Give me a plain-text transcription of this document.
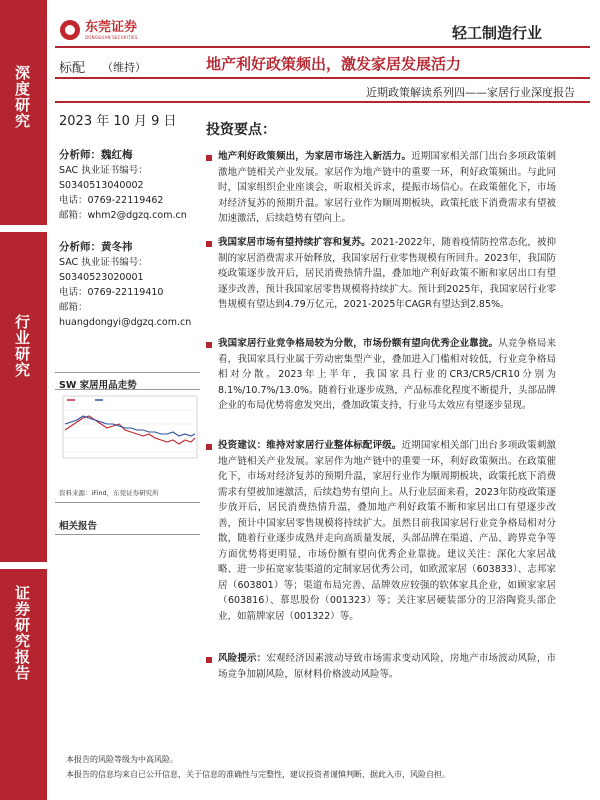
深度研究
行业研究
证券研究报告
东莞证券
DONGGUAN SECURITIES	轻工制造行业
标配 （维持）	地产利好政策频出，激发家居发展活力
近期政策解读系列四——家居行业深度报告
2023 年 10 月 9 日
分析师：魏红梅
SAC 执业证书编号：
S0340513040002
电话：0769-22119462
邮箱：whm2@dgzq.com.cn
分析师：黄冬祎
SAC 执业证书编号：
S0340523020001
电话：0769-22119410
邮箱：
huangdongyi@dgzq.com.cn
SW 家居用品走势
资料来源：iFind，东莞证券研究所
相关报告
投资要点：
地产利好政策频出，为家居市场注入新活力。近期国家相关部门出台多项政策刺激地产链相关产业发展。家居作为地产链中的重要一环，利好政策频出。与此同时，国家组织企业座谈会，听取相关诉求，提振市场信心。在政策催化下，市场对经济复苏的预期升温。家居行业作为顺周期板块，政策托底下消费需求有望被加速激活，后续趋势有望向上。
我国家居市场有望持续扩容和复苏。2021-2022年，随着疫情防控常态化，被抑制的家居消费需求开始释放，我国家居行业零售规模有所回升。2023年，我国防疫政策逐步放开后，居民消费热情升温，叠加地产利好政策不断和家居出口有望逐步改善，预计我国家居零售规模将持续扩大。预计到2025年，我国家居行业零售规模有望达到4.79万亿元，2021-2025年CAGR有望达到2.85%。
我国家居行业竞争格局较为分散，市场份额有望向优秀企业靠拢。从竞争格局来看，我国家具行业属于劳动密集型产业，叠加进入门槛相对较低，行业竞争格局相对分散。2023年上半年，我国家具行业的CR3/CR5/CR10分别为8.1%/10.7%/13.0%。随着行业逐步成熟，产品标准化程度不断提升，头部品牌企业的布局优势将愈发突出，叠加政策支持，行业马太效应有望逐步显现。
投资建议：维持对家居行业整体标配评级。近期国家相关部门出台多项政策刺激地产链相关产业发展。家居作为地产链中的重要一环，利好政策频出。在政策催化下，市场对经济复苏的预期升温，家居行业作为顺周期板块，政策托底下消费需求有望被加速激活，后续趋势有望向上。从行业层面来看，2023年防疫政策逐步放开后，居民消费热情升温，叠加地产利好政策不断和家居出口有望逐步改善，预计中国家居零售规模将持续扩大。虽然目前我国家居行业竞争格局相对分散，随着行业逐步成熟并走向高质量发展，头部品牌在渠道、产品、跨界竞争等方面优势将更明显，市场份额有望向优秀企业靠拢。建议关注：深化大家居战略、进一步拓宽家装渠道的定制家居优秀公司，如欧派家居（603833）、志邦家居（603801）等；渠道布局完善、品牌效应较强的软体家具企业，如顾家家居（603816）、慕思股份（001323）等；关注家居硬装部分的卫浴陶瓷头部企业，如箭牌家居（001322）等。
风险提示：宏观经济因素波动导致市场需求变动风险，房地产市场波动风险，市场竞争加剧风险，原材料价格波动风险等。
本报告的风险等级为中高风险。
本报告的信息均来自已公开信息，关于信息的准确性与完整性，建议投资者谨慎判断，据此入市，风险自担。
